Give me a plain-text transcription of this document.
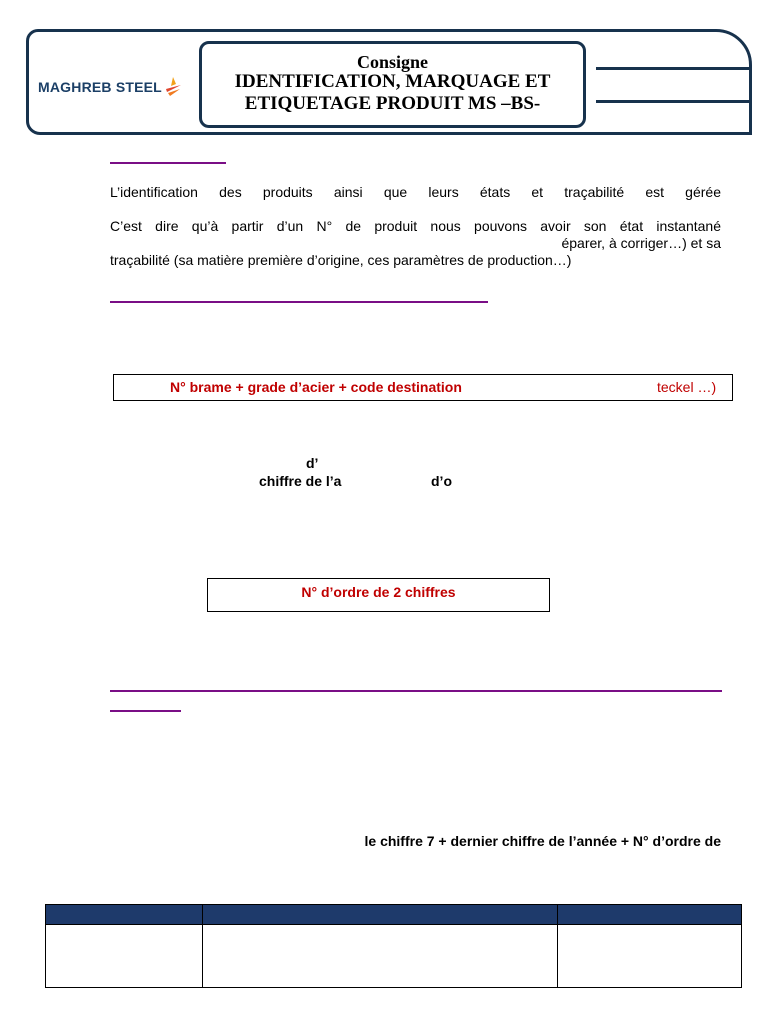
MAGHREB STEEL
Consigne
IDENTIFICATION, MARQUAGE ET
ETIQUETAGE PRODUIT MS –BS-
L’identification des produits ainsi que leurs états et traçabilité est gérée
C’est dire qu’à partir d’un N° de produit nous pouvons avoir son état instantané
éparer, à corriger…) et sa
traçabilité (sa matière première d’origine, ces paramètres de production…)
N° brame + grade d’acier + code destination	teckel …)
d’
chiffre de l’a	d’o
N° d’ordre de 2 chiffres
le chiffre 7 + dernier chiffre de l’année + N° d’ordre de
